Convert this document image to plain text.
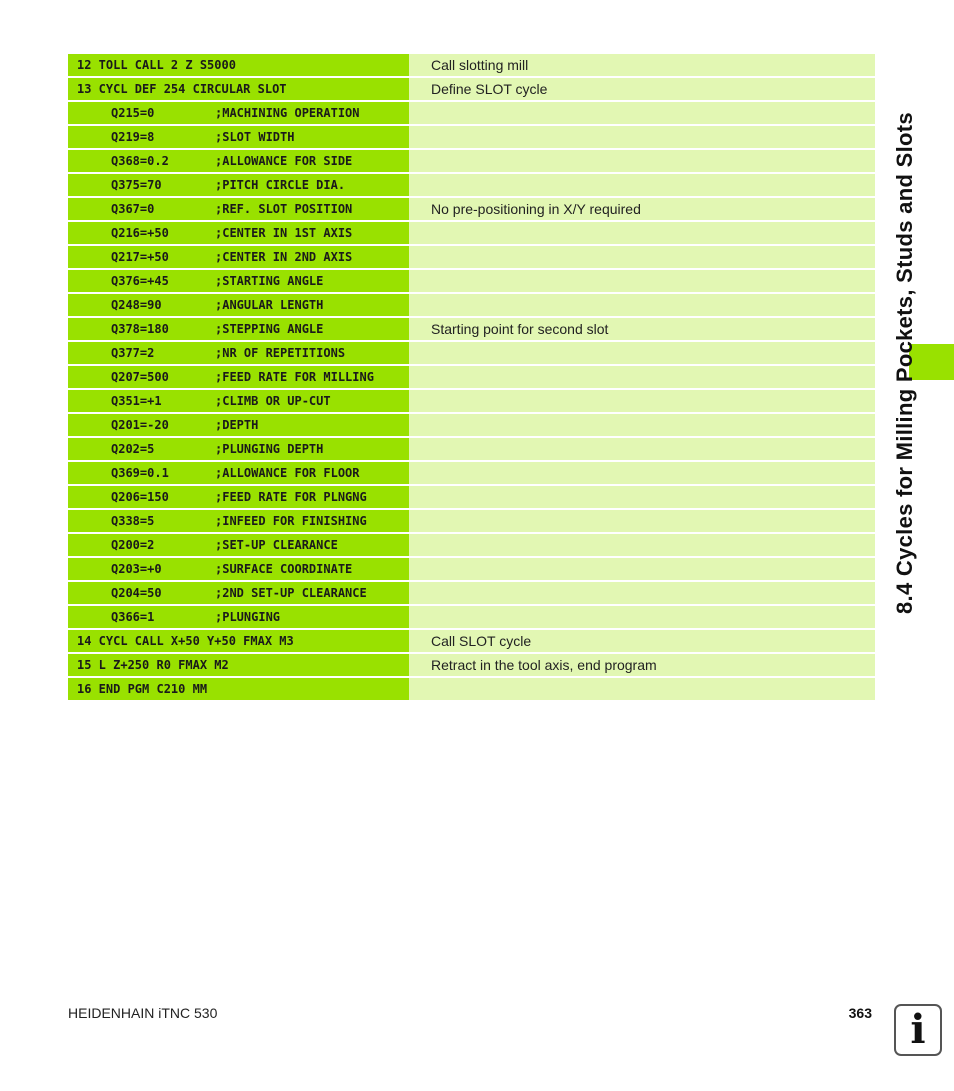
12 TOLL CALL 2 Z S5000	Call slotting mill
13 CYCL DEF 254 CIRCULAR SLOT	Define SLOT cycle
Q215=0	;MACHINING OPERATION
Q219=8	;SLOT WIDTH
Q368=0.2	;ALLOWANCE FOR SIDE
Q375=70	;PITCH CIRCLE DIA.
Q367=0	;REF. SLOT POSITION	No pre-positioning in X/Y required
Q216=+50	;CENTER IN 1ST AXIS
Q217=+50	;CENTER IN 2ND AXIS
Q376=+45	;STARTING ANGLE
Q248=90	;ANGULAR LENGTH
Q378=180	;STEPPING ANGLE	Starting point for second slot
Q377=2	;NR OF REPETITIONS
Q207=500	;FEED RATE FOR MILLING
Q351=+1	;CLIMB OR UP-CUT
Q201=-20	;DEPTH
Q202=5	;PLUNGING DEPTH
Q369=0.1	;ALLOWANCE FOR FLOOR
Q206=150	;FEED RATE FOR PLNGNG
Q338=5	;INFEED FOR FINISHING
Q200=2	;SET-UP CLEARANCE
Q203=+0	;SURFACE COORDINATE
Q204=50	;2ND SET-UP CLEARANCE
Q366=1	;PLUNGING
14 CYCL CALL X+50 Y+50 FMAX M3	Call SLOT cycle
15 L Z+250 R0 FMAX M2	Retract in the tool axis, end program
16 END PGM C210 MM
8.4 Cycles for Milling Pockets, Studs and Slots
HEIDENHAIN iTNC 530	363 i
